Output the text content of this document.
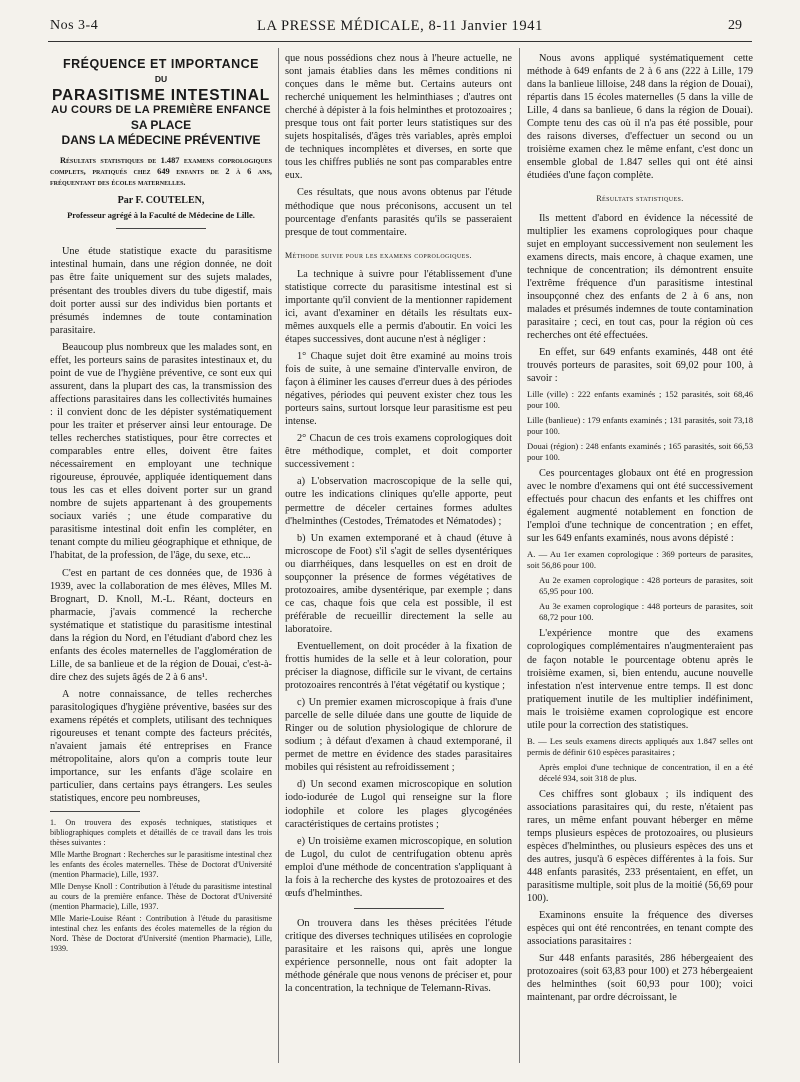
Nos 3-4	LA PRESSE MÉDICALE, 8-11 Janvier 1941	29
FRÉQUENCE ET IMPORTANCE
DU
PARASITISME INTESTINAL
AU COURS DE LA PREMIÈRE ENFANCE
SA PLACE
DANS LA MÉDECINE PRÉVENTIVE

Résultats statistiques de 1.487 examens coprologiques complets, pratiqués chez 649 enfants de 2 à 6 ans, fréquentant des écoles maternelles.

Par F. COUTELEN,

Professeur agrégé à la Faculté de Médecine de Lille.

Une étude statistique exacte du parasitisme intestinal humain, dans une région donnée, ne doit pas être faite uniquement sur des sujets malades, présentant des troubles divers du tube digestif, mais doit porter aussi sur des individus bien portants et présumés indemnes de toute contamination parasitaire.

Beaucoup plus nombreux que les malades sont, en effet, les porteurs sains de parasites intestinaux et, du point de vue de l'hygiène préventive, ce sont eux qui assurent, dans la plupart des cas, la transmission des affections parasitaires dans les collectivités humaines : il convient donc de les dépister systématiquement pour les traiter et préserver ainsi leur entourage. De telles recherches statistiques, pour être correctes et comparables entre elles, doivent être faites nécessairement en employant une technique rigoureuse, éprouvée, appliquée identiquement dans tous les cas et elles doivent porter sur un grand nombre de sujets appartenant à des groupements sociaux variés ; une étude comparative du parasitisme intestinal doit enfin les compléter, en tenant compte du milieu géographique et ethnique, de l'habitat, de la profession, de l'âge, du sexe, etc...

C'est en partant de ces données que, de 1936 à 1939, avec la collaboration de mes élèves, Mlles M. Brognart, D. Knoll, M.-L. Réant, docteurs en pharmacie, j'avais commencé la recherche systématique et statistique du parasitisme intestinal dans la région du Nord, en l'étudiant d'abord chez les enfants des écoles maternelles de l'agglomération de Lille, de sa banlieue et de la région de Douai, c'est-à-dire chez des sujets âgés de 2 à 6 ans¹.

A notre connaissance, de telles recherches parasitologiques d'hygiène préventive, basées sur des examens répétés et complets, utilisant des techniques rigoureuses et tenant compte des facteurs précités, n'avaient jamais été entreprises en France métropolitaine, alors qu'on a compris toute leur importance, sur les enfants d'âge scolaire en particulier, dans certains pays étrangers. Les seules statistiques, encore peu nombreuses,

1. On trouvera des exposés techniques, statistiques et bibliographiques complets et détaillés de ce travail dans les trois thèses suivantes :

Mlle Marthe Brognart : Recherches sur le parasitisme intestinal chez les enfants des écoles maternelles. Thèse de Doctorat d'Université (mention Pharmacie), Lille, 1937.

Mlle Denyse Knoll : Contribution à l'étude du parasitisme intestinal au cours de la première enfance. Thèse de Doctorat d'Université (mention Pharmacie), Lille, 1937.

Mlle Marie-Louise Réant : Contribution à l'étude du parasitisme intestinal chez les enfants des écoles maternelles de la région du Nord. Thèse de Doctorat d'Université (mention Pharmacie), Lille, 1939.

que nous possédions chez nous à l'heure actuelle, ne sont jamais établies dans les mêmes conditions ni conçues dans le même but. Certains auteurs ont recherché uniquement les helminthiases ; d'autres ont cherché à dépister à la fois helminthes et protozoaires ; presque tous ont fait porter leurs statistiques sur des sujets hospitalisés, d'âges très variables, après emploi de techniques incomplètes et diverses, en sorte que tous les chiffres publiés ne sont pas comparables entre eux.

Ces résultats, que nous avons obtenus par l'étude méthodique que nous préconisons, accusent un tel pourcentage d'enfants parasités qu'ils se passeraient presque de tout commentaire.

Méthode suivie pour les examens coprologiques.

La technique à suivre pour l'établissement d'une statistique correcte du parasitisme intestinal est si importante qu'il convient de la mentionner rapidement ici, avant d'examiner en détails les résultats eux-mêmes auxquels elle a permis d'aboutir. En voici les étapes successives, dont aucune n'est à négliger :

1° Chaque sujet doit être examiné au moins trois fois de suite, à une semaine d'intervalle environ, de façon à éliminer les causes d'erreur dues à des périodes négatives, périodes qui peuvent exister chez tous les porteurs sains, surtout lorsque leur parasitisme est peu intense.

2° Chacun de ces trois examens coprologiques doit être méthodique, complet, et doit comporter successivement :

a) L'observation macroscopique de la selle qui, outre les indications cliniques qu'elle apporte, peut permettre de déceler certaines formes adultes d'helminthes (Cestodes, Trématodes et Nématodes) ;

b) Un examen extemporané et à chaud (étuve à microscope de Foot) s'il s'agit de selles dysentériques ou diarrhéiques, dans lesquelles on est en droit de soupçonner la présence de formes végétatives de protozoaires, amibe dysentérique, par exemple ; dans ce cas, chaque fois que cela est possible, il est préférable de recueillir directement la selle au laboratoire.

Eventuellement, on doit procéder à la fixation de frottis humides de la selle et à leur coloration, pour préciser la diagnose, difficile sur le vivant, de certains protozoaires rencontrés à l'état végétatif ou kystique ;

c) Un premier examen microscopique à frais d'une parcelle de selle diluée dans une goutte de liquide de Ringer ou de solution physiologique de chlorure de sodium ; à défaut d'examen à chaud extemporané, il permet de mettre en évidence des stades parasitaires mobiles qui résistent au refroidissement ;

d) Un second examen microscopique en solution iodo-iodurée de Lugol qui renseigne sur la flore iodophile et colore les plages glycogénées caractéristiques de certains protistes ;

e) Un troisième examen microscopique, en solution de Lugol, du culot de centrifugation obtenu après emploi d'une méthode de concentration s'appliquant à la fois à la recherche des kystes de protozoaires et des œufs d'helminthes.

On trouvera dans les thèses précitées l'étude critique des diverses techniques utilisées en coprologie parasitaire et les raisons qui, après une longue expérience personnelle, nous ont fait adopter la méthode générale que nous venons de préciser et, pour la concentration, la technique de Telemann-Rivas.

Nous avons appliqué systématiquement cette méthode à 649 enfants de 2 à 6 ans (222 à Lille, 179 dans la banlieue lilloise, 248 dans la région de Douai), répartis dans 15 écoles maternelles (5 dans la ville de Lille, 4 dans sa banlieue, 6 dans la région de Douai). Compte tenu des cas où il n'a pas été possible, pour des raisons diverses, d'effectuer un second ou un troisième examen chez le même enfant, c'est donc un ensemble global de 1.847 selles qui ont été ainsi étudiées d'une façon complète.

Résultats statistiques.

Ils mettent d'abord en évidence la nécessité de multiplier les examens coprologiques pour chaque sujet en employant successivement non seulement les examens directs, mais encore, à chaque examen, une technique de concentration; ils démontrent ensuite l'extrême fréquence d'un parasitisme intestinal insoupçonné chez des enfants de 2 à 6 ans, non malades et présumés indemnes de toute contamination parasitaire ; ceci, en tout cas, pour la région où ces recherches ont été effectuées.

En effet, sur 649 enfants examinés, 448 ont été trouvés porteurs de parasites, soit 69,02 pour 100, à savoir :

Lille (ville) : 222 enfants examinés ; 152 parasités, soit 68,46 pour 100.

Lille (banlieue) : 179 enfants examinés ; 131 parasités, soit 73,18 pour 100.

Douai (région) : 248 enfants examinés ; 165 parasités, soit 66,53 pour 100.

Ces pourcentages globaux ont été en progression avec le nombre d'examens qui ont été successivement effectués pour chacun des enfants et les chiffres ont également augmenté notablement en fonction de l'emploi d'une technique de concentration ; en effet, sur les 649 enfants examinés, nous avons dépisté :

A. — Au 1er examen coprologique : 369 porteurs de parasites, soit 56,86 pour 100.

Au 2e examen coprologique : 428 porteurs de parasites, soit 65,95 pour 100.

Au 3e examen coprologique : 448 porteurs de parasites, soit 68,72 pour 100.

L'expérience montre que des examens coprologiques complémentaires n'augmenteraient pas de façon notable le pourcentage obtenu après le troisième examen, si, bien entendu, aucune nouvelle infestation n'est intervenue entre temps. Il est donc pratiquement inutile de les multiplier indéfiniment, mais le troisième examen coprologique est encore utile pour la correction des statistiques.

B. — Les seuls examens directs appliqués aux 1.847 selles ont permis de définir 610 espèces parasitaires ;

Après emploi d'une technique de concentration, il en a été décelé 934, soit 318 de plus.

Ces chiffres sont globaux ; ils indiquent des associations parasitaires qui, du reste, n'étaient pas rares, un même enfant pouvant héberger en même temps plusieurs espèces de protozoaires, ou plusieurs espèces d'helminthes, ou plusieurs espèces des uns et des autres, jusqu'à 6 espèces différentes à la fois. Sur 448 enfants parasités, 233 présentaient, en effet, un parasitisme multiple, soit plus de la moitié (56,69 pour 100).

Examinons ensuite la fréquence des diverses espèces qui ont été rencontrées, en tenant compte des associations parasitaires :

Sur 448 enfants parasités, 286 hébergeaient des protozoaires (soit 63,83 pour 100) et 273 hébergeaient des helminthes (soit 60,93 pour 100); voici maintenant, par ordre décroissant, le
